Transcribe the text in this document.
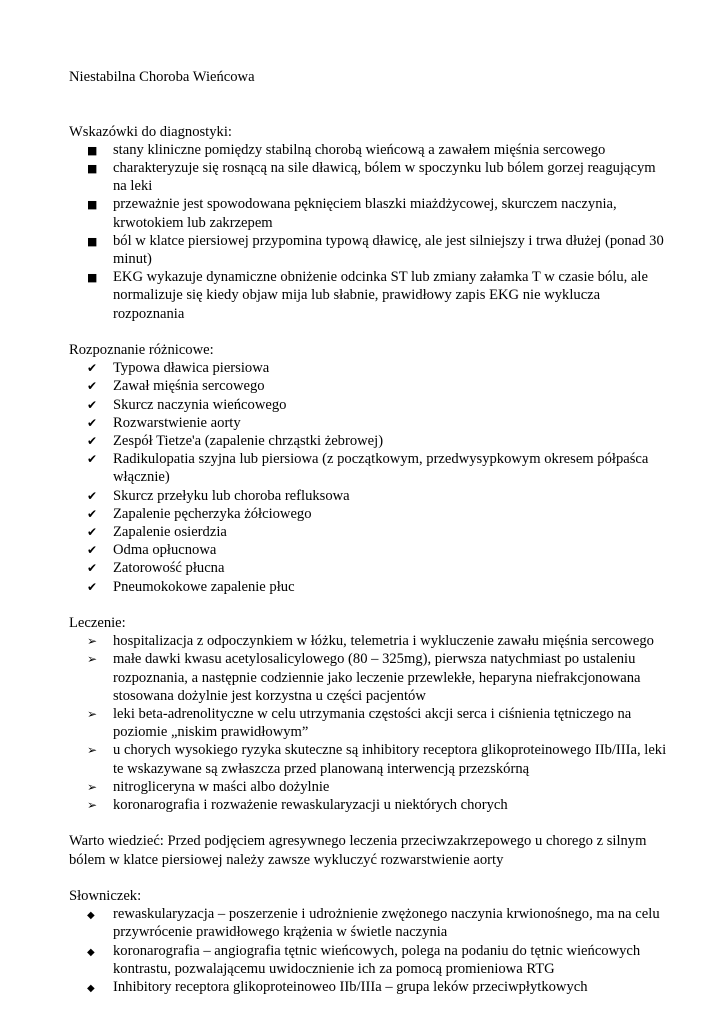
Niestabilna Choroba Wieńcowa

Wskazówki do diagnostyki:

■
stany kliniczne pomiędzy stabilną chorobą wieńcową a zawałem mięśnia sercowego
■
charakteryzuje się rosnącą na sile dławicą, bólem w spoczynku lub bólem gorzej reagującym na leki
■
przeważnie jest spowodowana pęknięciem blaszki miażdżycowej, skurczem naczynia, krwotokiem lub zakrzepem
■
ból w klatce piersiowej przypomina typową dławicę, ale jest silniejszy i trwa dłużej (ponad 30 minut)
■
EKG wykazuje dynamiczne obniżenie odcinka ST lub zmiany załamka T w czasie bólu, ale normalizuje się kiedy objaw mija lub słabnie, prawidłowy zapis EKG nie wyklucza rozpoznania

Rozpoznanie różnicowe:

✔
Typowa dławica piersiowa
✔
Zawał mięśnia sercowego
✔
Skurcz naczynia wieńcowego
✔
Rozwarstwienie aorty
✔
Zespół Tietze'a (zapalenie chrząstki żebrowej)
✔
Radikulopatia szyjna lub piersiowa (z początkowym, przedwysypkowym okresem półpaśca włącznie)
✔
Skurcz przełyku lub choroba refluksowa
✔
Zapalenie pęcherzyka żółciowego
✔
Zapalenie osierdzia
✔
Odma opłucnowa
✔
Zatorowość płucna
✔
Pneumokokowe zapalenie płuc

Leczenie:

➢
hospitalizacja z odpoczynkiem w łóżku, telemetria i wykluczenie zawału mięśnia sercowego
➢
małe dawki kwasu acetylosalicylowego (80 – 325mg), pierwsza natychmiast po ustaleniu rozpoznania, a następnie codziennie jako leczenie przewlekłe, heparyna niefrakcjonowana stosowana dożylnie jest korzystna u części pacjentów
➢
leki beta-adrenolityczne w celu utrzymania częstości akcji serca i ciśnienia tętniczego na poziomie „niskim prawidłowym”
➢
u chorych wysokiego ryzyka skuteczne są inhibitory receptora glikoproteinowego IIb/IIIa, leki te wskazywane są zwłaszcza przed planowaną interwencją przezskórną
➢
nitrogliceryna w maści albo dożylnie
➢
koronarografia i rozważenie rewaskularyzacji u niektórych chorych

Warto wiedzieć: Przed podjęciem agresywnego leczenia przeciwzakrzepowego u chorego z silnym bólem w klatce piersiowej należy zawsze wykluczyć rozwarstwienie aorty

Słowniczek:

◆
rewaskularyzacja – poszerzenie i udrożnienie zwężonego naczynia krwionośnego, ma na celu przywrócenie prawidłowego krążenia w świetle naczynia
◆
koronarografia – angiografia tętnic wieńcowych, polega na podaniu do tętnic wieńcowych kontrastu, pozwalającemu uwidocznienie ich za pomocą promieniowa RTG
◆
Inhibitory receptora glikoproteinoweo IIb/IIIa – grupa leków przeciwpłytkowych
